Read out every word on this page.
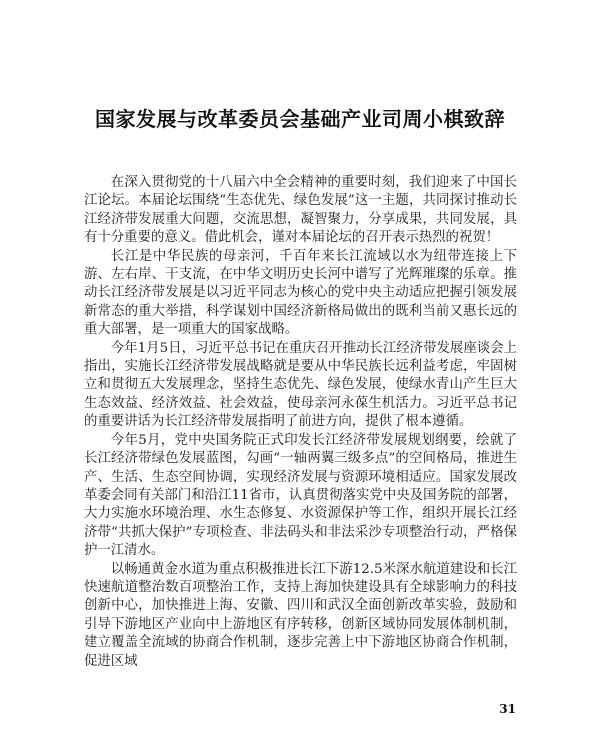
国家发展与改革委员会基础产业司周小棋致辞

在深入贯彻党的十八届六中全会精神的重要时刻，我们迎来了中国长江论坛。本届论坛围绕“生态优先、绿色发展”这一主题，共同探讨推动长江经济带发展重大问题，交流思想，凝智聚力，分享成果，共同发展，具有十分重要的意义。借此机会，谨对本届论坛的召开表示热烈的祝贺！

长江是中华民族的母亲河，千百年来长江流域以水为纽带连接上下游、左右岸、干支流，在中华文明历史长河中谱写了光辉璀璨的乐章。推动长江经济带发展是以习近平同志为核心的党中央主动适应把握引领发展新常态的重大举措，科学谋划中国经济新格局做出的既利当前又惠长远的重大部署，是一项重大的国家战略。

今年1月5日，习近平总书记在重庆召开推动长江经济带发展座谈会上指出，实施长江经济带发展战略就是要从中华民族长远利益考虑，牢固树立和贯彻五大发展理念，坚持生态优先、绿色发展，使绿水青山产生巨大生态效益、经济效益、社会效益，使母亲河永葆生机活力。习近平总书记的重要讲话为长江经济带发展指明了前进方向，提供了根本遵循。

今年5月，党中央国务院正式印发长江经济带发展规划纲要，绘就了长江经济带绿色发展蓝图，勾画“一轴两翼三级多点”的空间格局，推进生产、生活、生态空间协调，实现经济发展与资源环境相适应。国家发展改革委会同有关部门和沿江11省市，认真贯彻落实党中央及国务院的部署，大力实施水环境治理、水生态修复、水资源保护等工作，组织开展长江经济带“共抓大保护”专项检查、非法码头和非法采沙专项整治行动，严格保护一江清水。

以畅通黄金水道为重点积极推进长江下游12.5米深水航道建设和长江快速航道整治数百项整治工作，支持上海加快建设具有全球影响力的科技创新中心，加快推进上海、安徽、四川和武汉全面创新改革实验，鼓励和引导下游地区产业向中上游地区有序转移，创新区域协同发展体制机制，建立覆盖全流域的协商合作机制，逐步完善上中下游地区协商合作机制，促进区域

31
